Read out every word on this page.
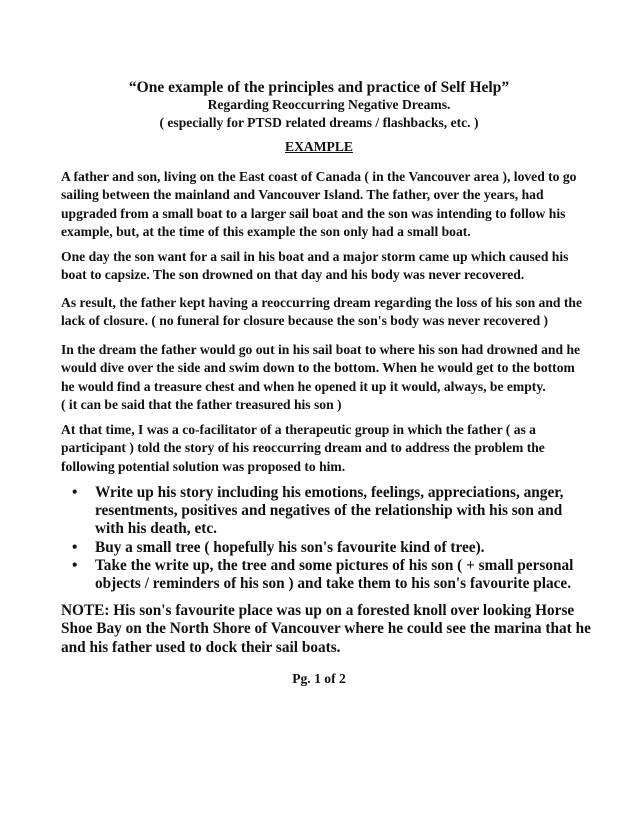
“One example of the principles and practice of Self Help”
Regarding Reoccurring Negative Dreams.
( especially for PTSD related dreams / flashbacks, etc. )
EXAMPLE

A father and son, living on the East coast of Canada ( in the Vancouver area ), loved to go sailing between the mainland and Vancouver Island. The father, over the years, had upgraded from a small boat to a larger sail boat and the son was intending to follow his example, but, at the time of this example the son only had a small boat.

One day the son want for a sail in his boat and a major storm came up which caused his boat to capsize. The son drowned on that day and his body was never recovered.

As result, the father kept having a reoccurring dream regarding the loss of his son and the lack of closure. ( no funeral for closure because the son's body was never recovered )

In the dream the father would go out in his sail boat to where his son had drowned and he would dive over the side and swim down to the bottom. When he would get to the bottom he would find a treasure chest and when he opened it up it would, always, be empty.

( it can be said that the father treasured his son )

At that time, I was a co-facilitator of a therapeutic group in which the father ( as a participant ) told the story of his reoccurring dream and to address the problem the following potential solution was proposed to him.

• Write up his story including his emotions, feelings, appreciations, anger, resentments, positives and negatives of the relationship with his son and with his death, etc.
• Buy a small tree ( hopefully his son's favourite kind of tree).
• Take the write up, the tree and some pictures of his son ( + small personal objects / reminders of his son ) and take them to his son's favourite place.
NOTE: His son's favourite place was up on a forested knoll over looking Horse Shoe Bay on the North Shore of Vancouver where he could see the marina that he and his father used to dock their sail boats.
Pg. 1 of 2
